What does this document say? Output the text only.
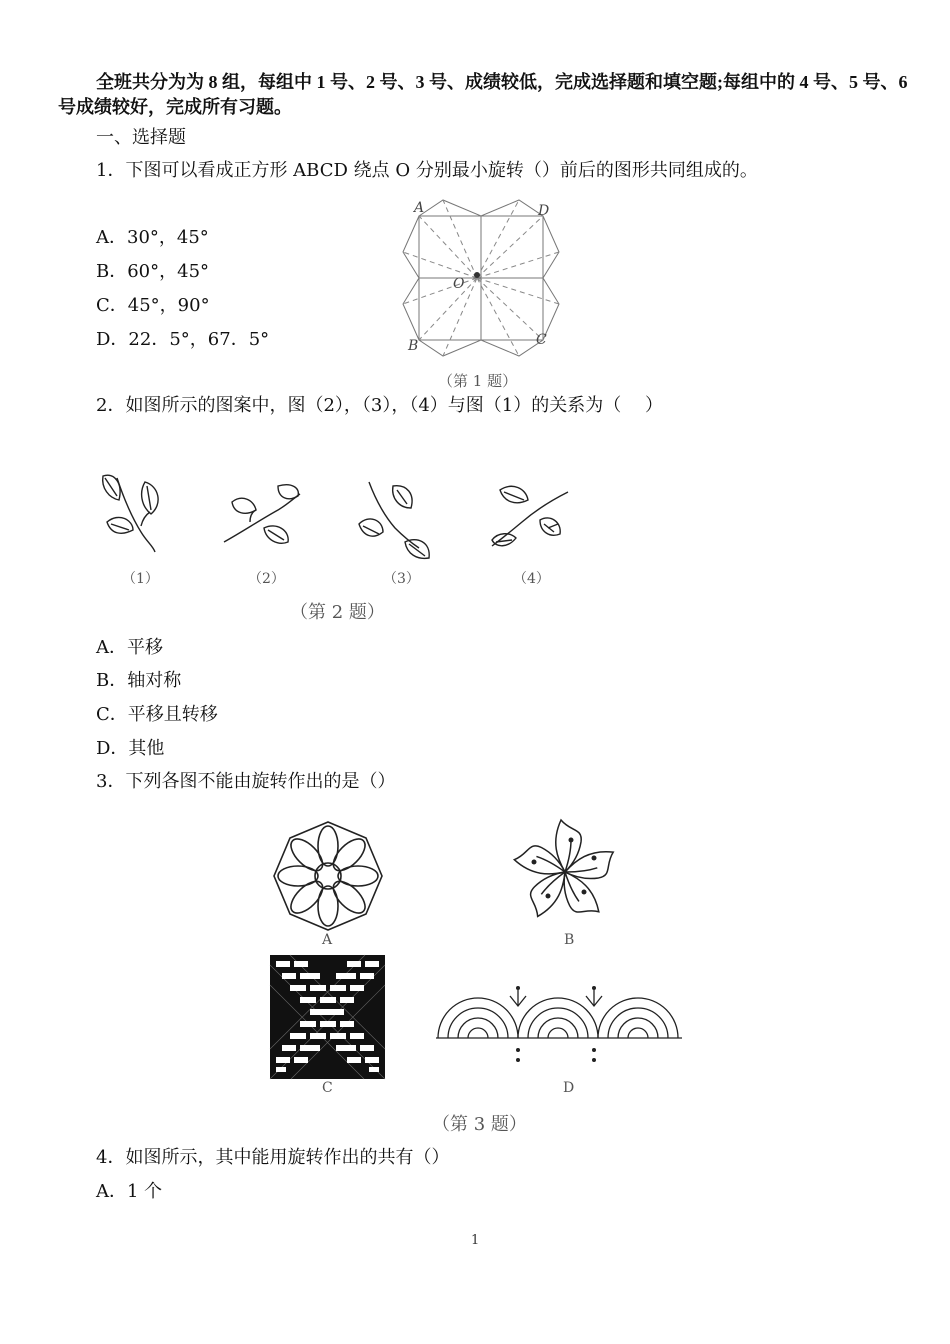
全班共分为为 8 组，每组中 1 号、2 号、3 号、成绩较低，完成选择题和填空题;每组中的 4 号、5 号、6 号成绩较好，完成所有习题。

一、选择题
1．下图可以看成正方形 ABCD 绕点 O 分别最小旋转（）前后的图形共同组成的。
A．30°，45°
B．60°，45°
C．45°，90°
D．22．5°，67．5°
A	D
B	C
O
（第 1 题）
2．如图所示的图案中，图（2），（3），（4）与图（1）的关系为（　 ）
（1）	（2）	（3）	（4）
（第 2 题）
A．平移
B．轴对称
C．平移且转移
D．其他
3．下列各图不能由旋转作出的是（）
A	B
C	D
（第 3 题）
4．如图所示，其中能用旋转作出的共有（）
A．1 个
1
